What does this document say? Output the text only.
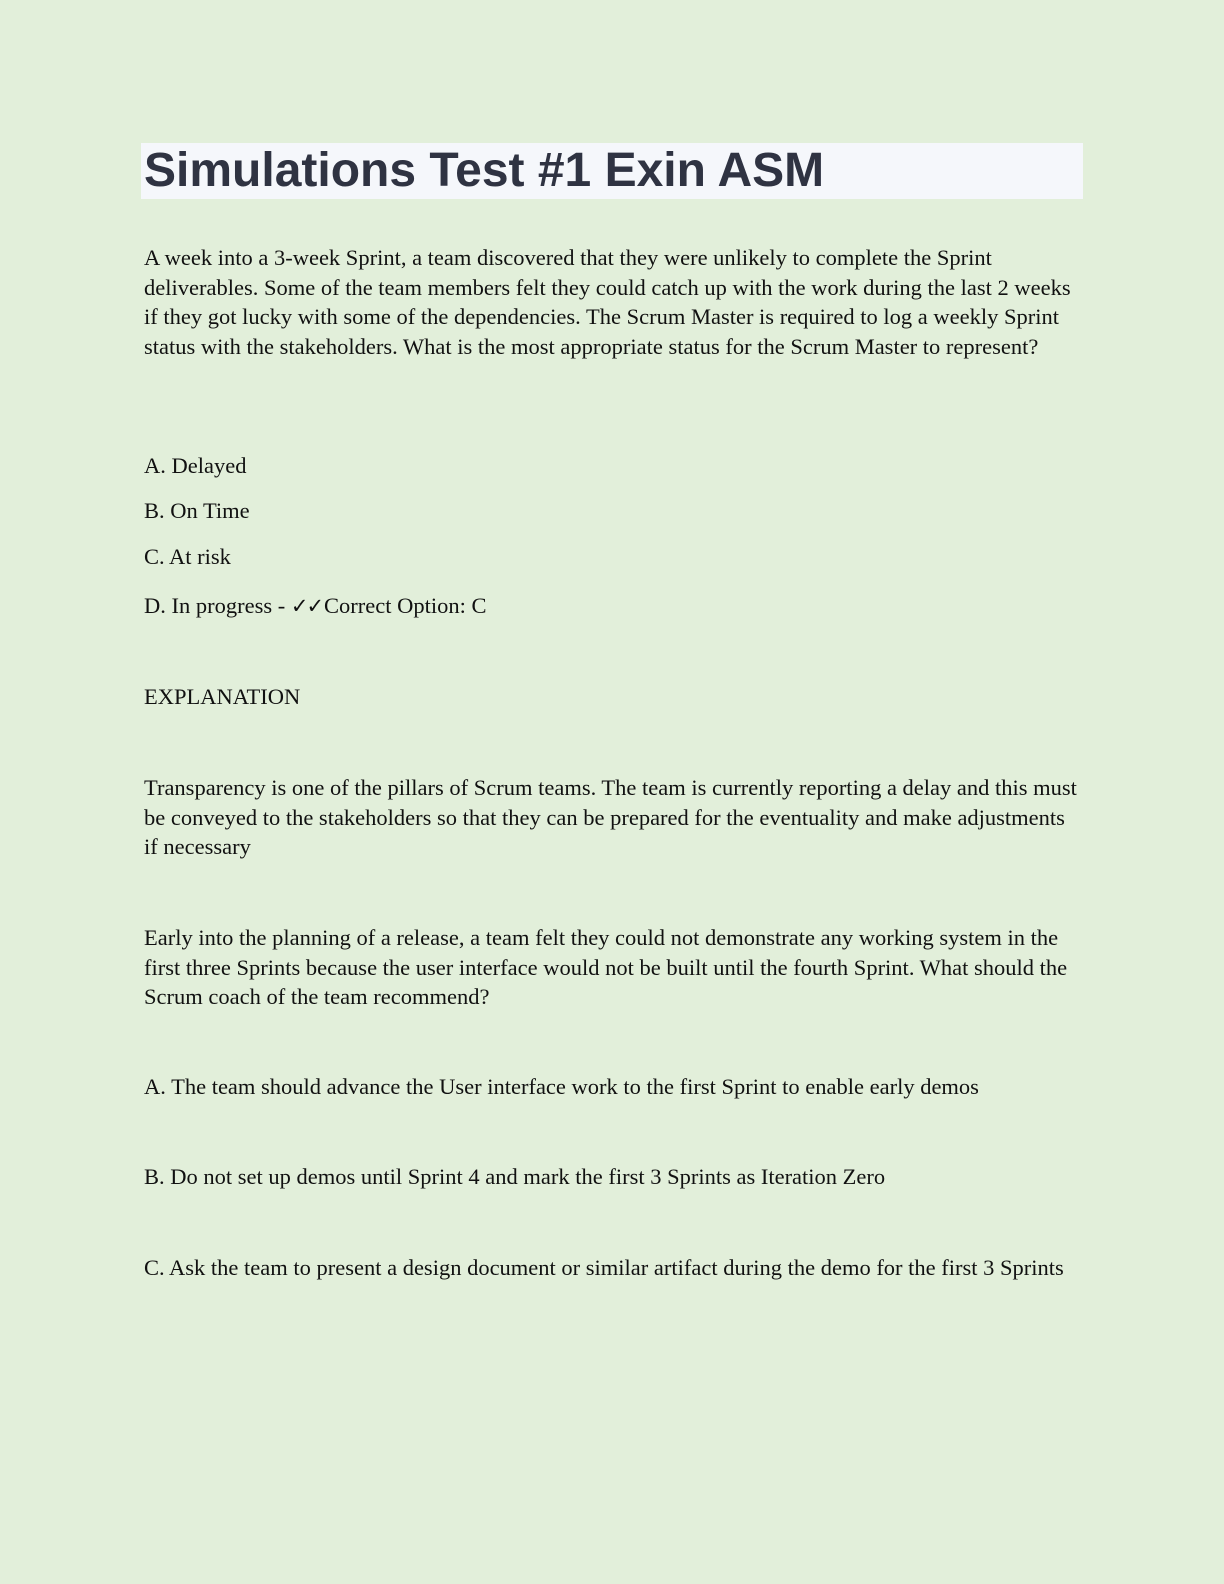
Simulations Test #1 Exin ASM

A week into a 3-week Sprint, a team discovered that they were unlikely to complete the Sprint deliverables. Some of the team members felt they could catch up with the work during the last 2 weeks if they got lucky with some of the dependencies. The Scrum Master is required to log a weekly Sprint status with the stakeholders. What is the most appropriate status for the Scrum Master to represent?

A. Delayed

B. On Time

C. At risk

D. In progress - ✓✓Correct Option: C

EXPLANATION

Transparency is one of the pillars of Scrum teams. The team is currently reporting a delay and this must be conveyed to the stakeholders so that they can be prepared for the eventuality and make adjustments if necessary

Early into the planning of a release, a team felt they could not demonstrate any working system in the first three Sprints because the user interface would not be built until the fourth Sprint. What should the Scrum coach of the team recommend?

A. The team should advance the User interface work to the first Sprint to enable early demos

B. Do not set up demos until Sprint 4 and mark the first 3 Sprints as Iteration Zero

C. Ask the team to present a design document or similar artifact during the demo for the first 3 Sprints
